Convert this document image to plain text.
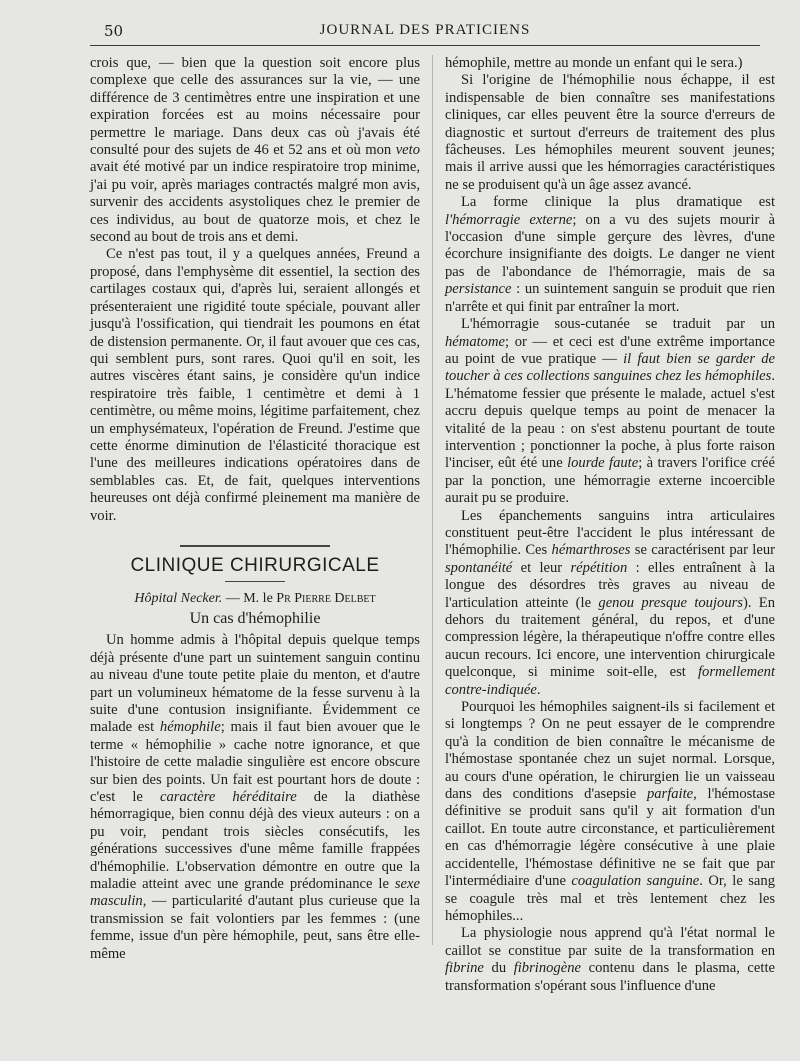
50	JOURNAL DES PRATICIENS

crois que, — bien que la question soit encore plus complexe que celle des assurances sur la vie, — une différence de 3 centimètres entre une inspiration et une expiration forcées est au moins nécessaire pour permettre le mariage. Dans deux cas où j'avais été consulté pour des sujets de 46 et 52 ans et où mon veto avait été motivé par un indice respiratoire trop minime, j'ai pu voir, après mariages contractés malgré mon avis, survenir des accidents asystoliques chez le premier de ces individus, au bout de quatorze mois, et chez le second au bout de trois ans et demi.

Ce n'est pas tout, il y a quelques années, Freund a proposé, dans l'emphysème dit essentiel, la section des cartilages costaux qui, d'après lui, seraient allongés et présenteraient une rigidité toute spéciale, pouvant aller jusqu'à l'ossification, qui tiendrait les poumons en état de distension permanente. Or, il faut avouer que ces cas, qui semblent purs, sont rares. Quoi qu'il en soit, les autres viscères étant sains, je considère qu'un indice respiratoire très faible, 1 centimètre et demi à 1 centimètre, ou même moins, légitime parfaitement, chez un emphysémateux, l'opération de Freund. J'estime que cette énorme diminution de l'élasticité thoracique est l'une des meilleures indications opératoires dans de semblables cas. Et, de fait, quelques interventions heureuses ont déjà confirmé pleinement ma manière de voir.

CLINIQUE CHIRURGICALE
Hôpital Necker. — M. le Pr Pierre Delbet
Un cas d'hémophilie

Un homme admis à l'hôpital depuis quelque temps déjà présente d'une part un suintement sanguin continu au niveau d'une toute petite plaie du menton, et d'autre part un volumineux hématome de la fesse survenu à la suite d'une contusion insignifiante. Évidemment ce malade est hémophile; mais il faut bien avouer que le terme « hémophilie » cache notre ignorance, et que l'histoire de cette maladie singulière est encore obscure sur bien des points. Un fait est pourtant hors de doute : c'est le caractère héréditaire de la diathèse hémorragique, bien connu déjà des vieux auteurs : on a pu voir, pendant trois siècles consécutifs, les générations successives d'une même famille frappées d'hémophilie. L'observation démontre en outre que la maladie atteint avec une grande prédominance le sexe masculin, — particularité d'autant plus curieuse que la transmission se fait volontiers par les femmes : (une femme, issue d'un père hémophile, peut, sans être elle-même

hémophile, mettre au monde un enfant qui le sera.)

Si l'origine de l'hémophilie nous échappe, il est indispensable de bien connaître ses manifestations cliniques, car elles peuvent être la source d'erreurs de diagnostic et surtout d'erreurs de traitement des plus fâcheuses. Les hémophiles meurent souvent jeunes; mais il arrive aussi que les hémorragies caractéristiques ne se produisent qu'à un âge assez avancé.

La forme clinique la plus dramatique est l'hémorragie externe; on a vu des sujets mourir à l'occasion d'une simple gerçure des lèvres, d'une écorchure insignifiante des doigts. Le danger ne vient pas de l'abondance de l'hémorragie, mais de sa persistance : un suintement sanguin se produit que rien n'arrête et qui finit par entraîner la mort.

L'hémorragie sous-cutanée se traduit par un hématome; or — et ceci est d'une extrême importance au point de vue pratique — il faut bien se garder de toucher à ces collections sanguines chez les hémophiles. L'hématome fessier que présente le malade, actuel s'est accru depuis quelque temps au point de menacer la vitalité de la peau : on s'est abstenu pourtant de toute intervention ; ponctionner la poche, à plus forte raison l'inciser, eût été une lourde faute; à travers l'orifice créé par la ponction, une hémorragie externe incoercible aurait pu se produire.

Les épanchements sanguins intra articulaires constituent peut-être l'accident le plus intéressant de l'hémophilie. Ces hémarthroses se caractérisent par leur spontanéité et leur répétition : elles entraînent à la longue des désordres très graves au niveau de l'articulation atteinte (le genou presque toujours). En dehors du traitement général, du repos, et d'une compression légère, la thérapeutique n'offre contre elles aucun recours. Ici encore, une intervention chirurgicale quelconque, si minime soit-elle, est formellement contre-indiquée.

Pourquoi les hémophiles saignent-ils si facilement et si longtemps ? On ne peut essayer de le comprendre qu'à la condition de bien connaître le mécanisme de l'hémostase spontanée chez un sujet normal. Lorsque, au cours d'une opération, le chirurgien lie un vaisseau dans des conditions d'asepsie parfaite, l'hémostase définitive se produit sans qu'il y ait formation d'un caillot. En toute autre circonstance, et particulièrement en cas d'hémorragie légère consécutive à une plaie accidentelle, l'hémostase définitive ne se fait que par l'intermédiaire d'une coagulation sanguine. Or, le sang se coagule très mal et très lentement chez les hémophiles...

La physiologie nous apprend qu'à l'état normal le caillot se constitue par suite de la transformation en fibrine du fibrinogène contenu dans le plasma, cette transformation s'opérant sous l'influence d'une
